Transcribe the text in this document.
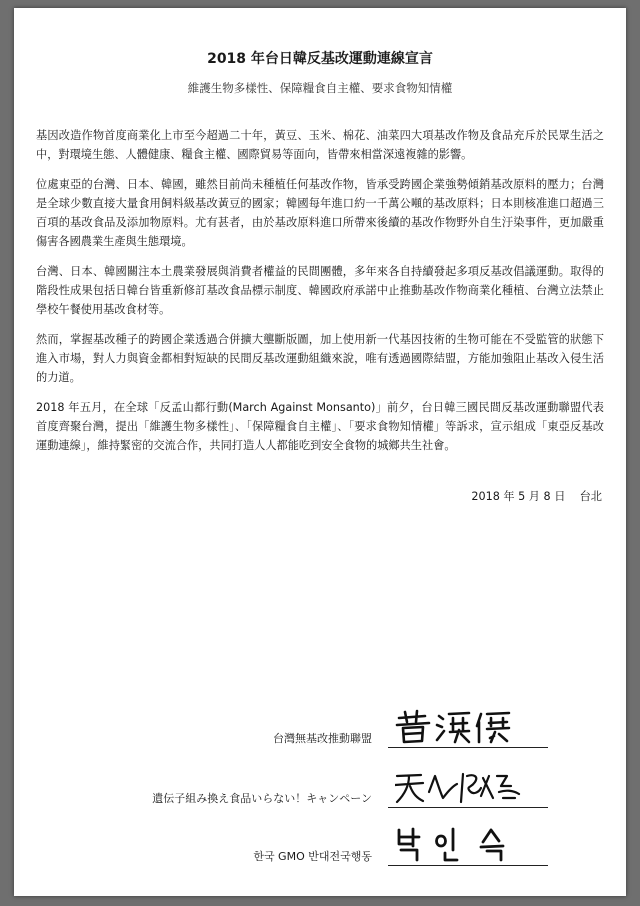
2018 年台日韓反基改運動連線宣言
維護生物多樣性、保障糧食自主權、要求食物知情權

基因改造作物首度商業化上市至今超過二十年，黃豆、玉米、棉花、油菜四大項基改作物及食品充斥於民眾生活之中，對環境生態、人體健康、糧食主權、國際貿易等面向，皆帶來相當深遠複雜的影響。

位處東亞的台灣、日本、韓國，雖然目前尚未種植任何基改作物，皆承受跨國企業強勢傾銷基改原料的壓力；台灣是全球少數直接大量食用飼料級基改黃豆的國家；韓國每年進口約一千萬公噸的基改原料；日本則核准進口超過三百項的基改食品及添加物原料。尤有甚者，由於基改原料進口所帶來後續的基改作物野外自生汙染事件，更加嚴重傷害各國農業生產與生態環境。

台灣、日本、韓國關注本土農業發展與消費者權益的民間團體，多年來各自持續發起多項反基改倡議運動。取得的階段性成果包括日韓台皆重新修訂基改食品標示制度、韓國政府承諾中止推動基改作物商業化種植、台灣立法禁止學校午餐使用基改食材等。

然而，掌握基改種子的跨國企業透過合併擴大壟斷版圖，加上使用新一代基因技術的生物可能在不受監管的狀態下進入市場，對人力與資金都相對短缺的民間反基改運動組織來說，唯有透過國際結盟，方能加強阻止基改入侵生活的力道。

2018 年五月，在全球「反孟山都行動(March Against Monsanto)」前夕，台日韓三國民間反基改運動聯盟代表首度齊聚台灣，提出「維護生物多樣性」、「保障糧食自主權」、「要求食物知情權」等訴求，宣示組成「東亞反基改運動連線」，維持緊密的交流合作，共同打造人人都能吃到安全食物的城鄉共生社會。

2018 年 5 月 8 日    台北
台灣無基改推動聯盟
遺伝子組み換え食品いらない！キャンペーン
한국 GMO 반대전국행동
